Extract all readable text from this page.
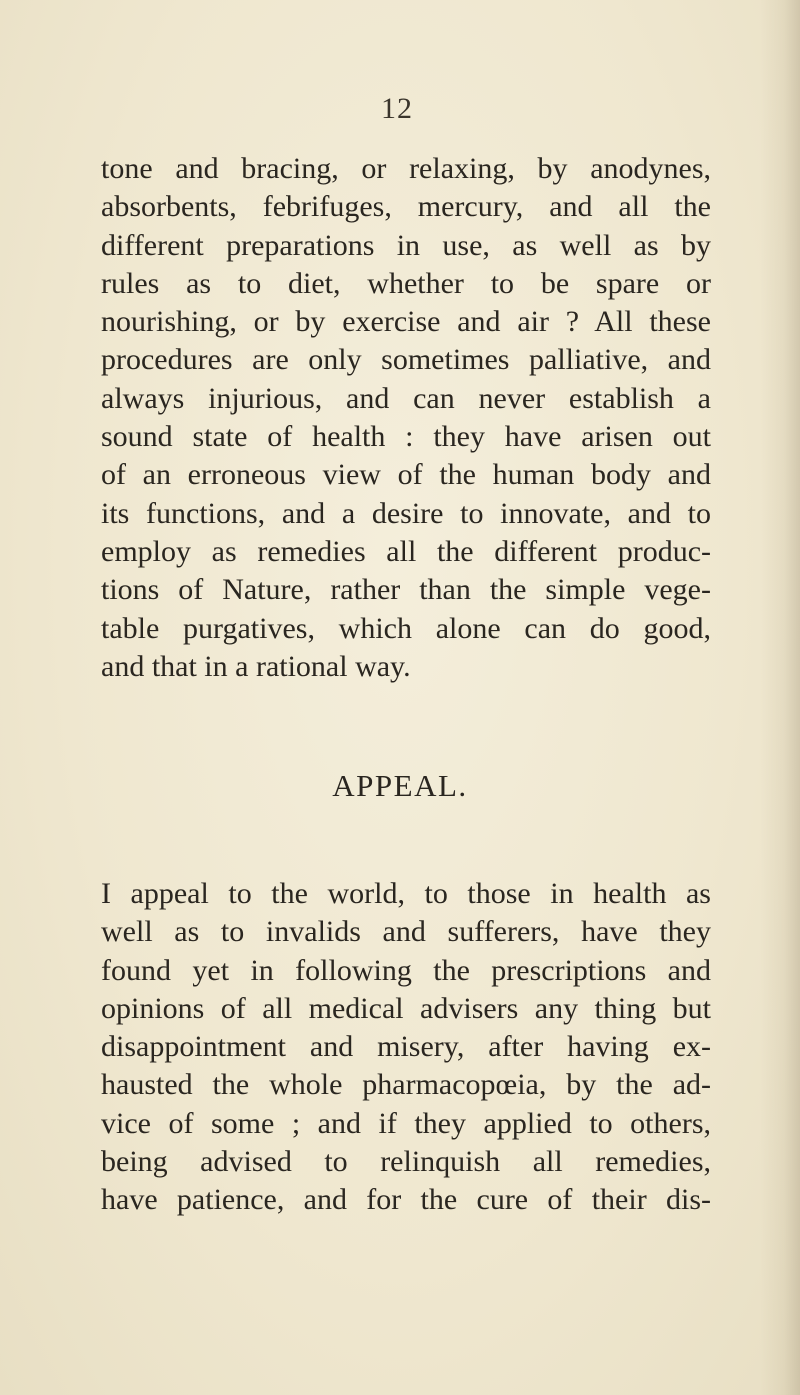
12
tone and bracing, or relaxing, by anodynes,
absorbents, febrifuges, mercury, and all the
different preparations in use, as well as by
rules as to diet, whether to be spare or
nourishing, or by exercise and air ? All these
procedures are only sometimes palliative, and
always injurious, and can never establish a
sound state of health : they have arisen out
of an erroneous view of the human body and
its functions, and a desire to innovate, and to
employ as remedies all the different produc-
tions of Nature, rather than the simple vege-
table purgatives, which alone can do good,
and that in a rational way.
APPEAL.
I appeal to the world, to those in health as
well as to invalids and sufferers, have they
found yet in following the prescriptions and
opinions of all medical advisers any thing but
disappointment and misery, after having ex-
hausted the whole pharmacopœia, by the ad-
vice of some ; and if they applied to others,
being advised to relinquish all remedies,
have patience, and for the cure of their dis-
